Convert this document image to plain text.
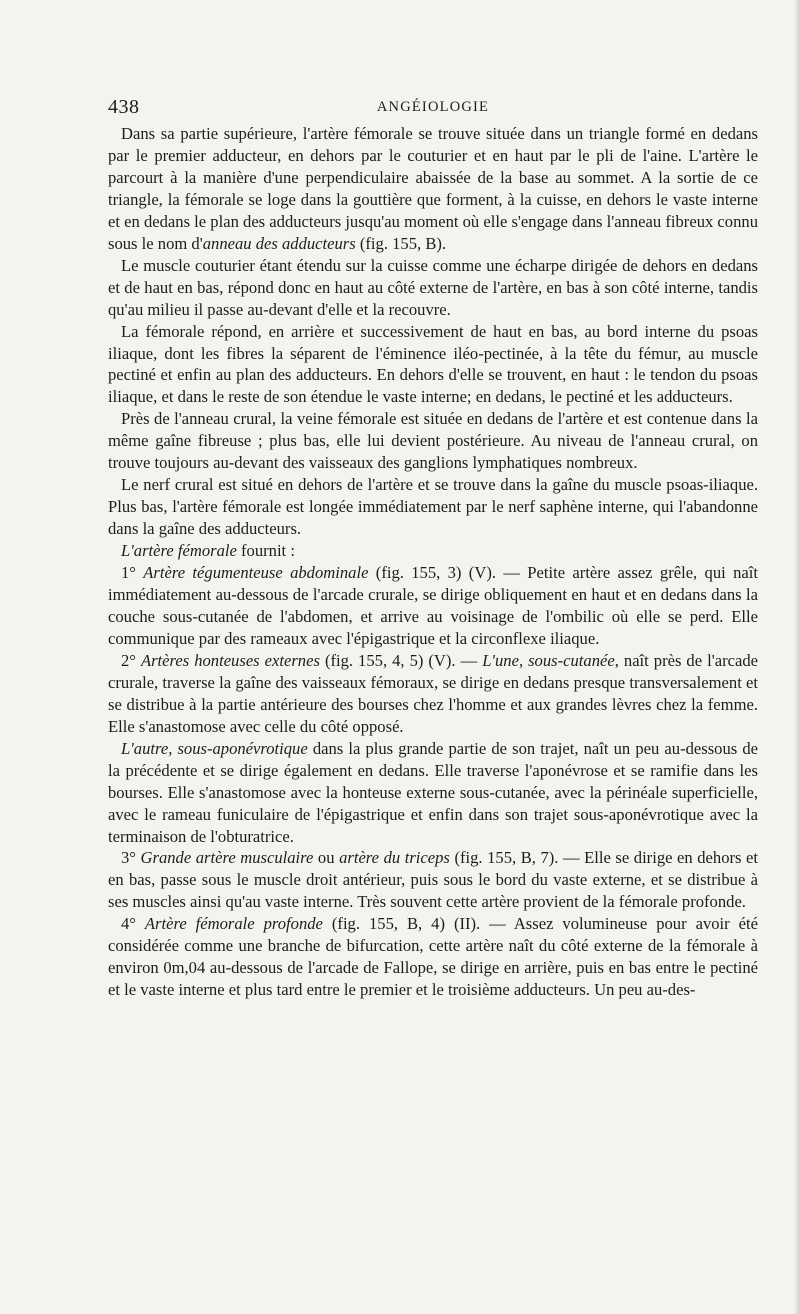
438	ANGÉIOLOGIE

Dans sa partie supérieure, l'artère fémorale se trouve située dans un triangle formé en dedans par le premier adducteur, en dehors par le couturier et en haut par le pli de l'aine. L'artère le parcourt à la manière d'une perpendiculaire abaissée de la base au sommet. A la sortie de ce triangle, la fémorale se loge dans la gouttière que forment, à la cuisse, en dehors le vaste interne et en dedans le plan des adducteurs jusqu'au moment où elle s'engage dans l'anneau fibreux connu sous le nom d'anneau des adducteurs (fig. 155, B).

Le muscle couturier étant étendu sur la cuisse comme une écharpe dirigée de dehors en dedans et de haut en bas, répond donc en haut au côté externe de l'artère, en bas à son côté interne, tandis qu'au milieu il passe au-devant d'elle et la recouvre.

La fémorale répond, en arrière et successivement de haut en bas, au bord interne du psoas iliaque, dont les fibres la séparent de l'éminence iléo-pectinée, à la tête du fémur, au muscle pectiné et enfin au plan des adducteurs. En dehors d'elle se trouvent, en haut : le tendon du psoas iliaque, et dans le reste de son étendue le vaste interne; en dedans, le pectiné et les adducteurs.

Près de l'anneau crural, la veine fémorale est située en dedans de l'artère et est contenue dans la même gaîne fibreuse ; plus bas, elle lui devient postérieure. Au niveau de l'anneau crural, on trouve toujours au-devant des vaisseaux des ganglions lymphatiques nombreux.

Le nerf crural est situé en dehors de l'artère et se trouve dans la gaîne du muscle psoas-iliaque. Plus bas, l'artère fémorale est longée immédiatement par le nerf saphène interne, qui l'abandonne dans la gaîne des adducteurs.

L'artère fémorale fournit :

1° Artère tégumenteuse abdominale (fig. 155, 3) (V). — Petite artère assez grêle, qui naît immédiatement au-dessous de l'arcade crurale, se dirige obliquement en haut et en dedans dans la couche sous-cutanée de l'abdomen, et arrive au voisinage de l'ombilic où elle se perd. Elle communique par des rameaux avec l'épigastrique et la circonflexe iliaque.

2° Artères honteuses externes (fig. 155, 4, 5) (V). — L'une, sous-cutanée, naît près de l'arcade crurale, traverse la gaîne des vaisseaux fémoraux, se dirige en dedans presque transversalement et se distribue à la partie antérieure des bourses chez l'homme et aux grandes lèvres chez la femme. Elle s'anastomose avec celle du côté opposé.

L'autre, sous-aponévrotique dans la plus grande partie de son trajet, naît un peu au-dessous de la précédente et se dirige également en dedans. Elle traverse l'aponévrose et se ramifie dans les bourses. Elle s'anastomose avec la honteuse externe sous-cutanée, avec la périnéale superficielle, avec le rameau funiculaire de l'épigastrique et enfin dans son trajet sous-aponévrotique avec la terminaison de l'obturatrice.

3° Grande artère musculaire ou artère du triceps (fig. 155, B, 7). — Elle se dirige en dehors et en bas, passe sous le muscle droit antérieur, puis sous le bord du vaste externe, et se distribue à ses muscles ainsi qu'au vaste interne. Très souvent cette artère provient de la fémorale profonde.

4° Artère fémorale profonde (fig. 155, B, 4) (II). — Assez volumineuse pour avoir été considérée comme une branche de bifurcation, cette artère naît du côté externe de la fémorale à environ 0m,04 au-dessous de l'arcade de Fallope, se dirige en arrière, puis en bas entre le pectiné et le vaste interne et plus tard entre le premier et le troisième adducteurs. Un peu au-des-
